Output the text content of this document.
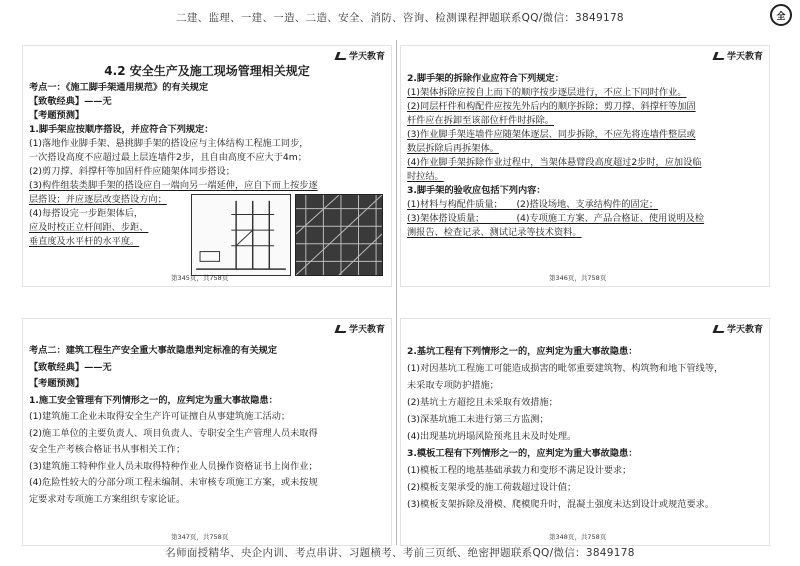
二建、监理、一建、一造、二造、安全、消防、咨询、检测课程押题联系QQ/微信：3849178	全
学天教育
4.2 安全生产及施工现场管理相关规定
考点一：《施工脚手架通用规范》的有关规定
【致敬经典】——无
【考题预测】
1.脚手架应按顺序搭设，并应符合下列规定：
(1)落地作业脚手架、悬挑脚手架的搭设应与主体结构工程施工同步，
一次搭设高度不应超过最上层连墙件2步，且自由高度不应大于4m；
(2)剪刀撑、斜撑杆等加固杆件应随架体同步搭设；
(3)构件组装类脚手架的搭设应自一端向另一端延伸，应自下而上按步逐
层搭设；并应逐层改变搭设方向；
(4)每搭设完一步距架体后，
应及时校正立杆间距、步距、
垂直度及水平杆的水平度。
第345页，共758页
学天教育
2.脚手架的拆除作业应符合下列规定：
(1)架体拆除应按自上而下的顺序按步逐层进行，不应上下同时作业。
(2)同层杆件和构配件应按先外后内的顺序拆除；剪刀撑、斜撑杆等加固
杆件应在拆卸至该部位杆件时拆除。
(3)作业脚手架连墙件应随架体逐层、同步拆除，不应先将连墙件整层或
数层拆除后再拆架体。
(4)作业脚手架拆除作业过程中，当架体悬臂段高度超过2步时，应加设临
时拉结。
3.脚手架的验收应包括下列内容：
(1)材料与构配件质量；　　(2)搭设场地、支承结构件的固定；
(3)架体搭设质量；　　　　(4)专项施工方案、产品合格证、使用说明及检
测报告、检查记录、测试记录等技术资料。
第346页，共758页
学天教育
考点二：建筑工程生产安全重大事故隐患判定标准的有关规定
【致敬经典】——无
【考题预测】
1.施工安全管理有下列情形之一的，应判定为重大事故隐患：
(1)建筑施工企业未取得安全生产许可证擅自从事建筑施工活动；
(2)施工单位的主要负责人、项目负责人、专职安全生产管理人员未取得
安全生产考核合格证书从事相关工作；
(3)建筑施工特种作业人员未取得特种作业人员操作资格证书上岗作业；
(4)危险性较大的分部分项工程未编制、未审核专项施工方案，或未按规
定要求对专项施工方案组织专家论证。
第347页，共758页
学天教育
2.基坑工程有下列情形之一的，应判定为重大事故隐患：
(1)对因基坑工程施工可能造成损害的毗邻重要建筑物、构筑物和地下管线等，
未采取专项防护措施；
(2)基坑土方超挖且未采取有效措施；
(3)深基坑施工未进行第三方监测；
(4)出现基坑坍塌风险预兆且未及时处理。
3.模板工程有下列情形之一的，应判定为重大事故隐患：
(1)模板工程的地基基础承载力和变形不满足设计要求；
(2)模板支架承受的施工荷载超过设计值；
(3)模板支架拆除及滑模、爬模爬升时，混凝土强度未达到设计或规范要求。
第348页，共758页
名师面授精华、央企内训、考点串讲、习题横考、考前三页纸、绝密押题联系QQ/微信：3849178
